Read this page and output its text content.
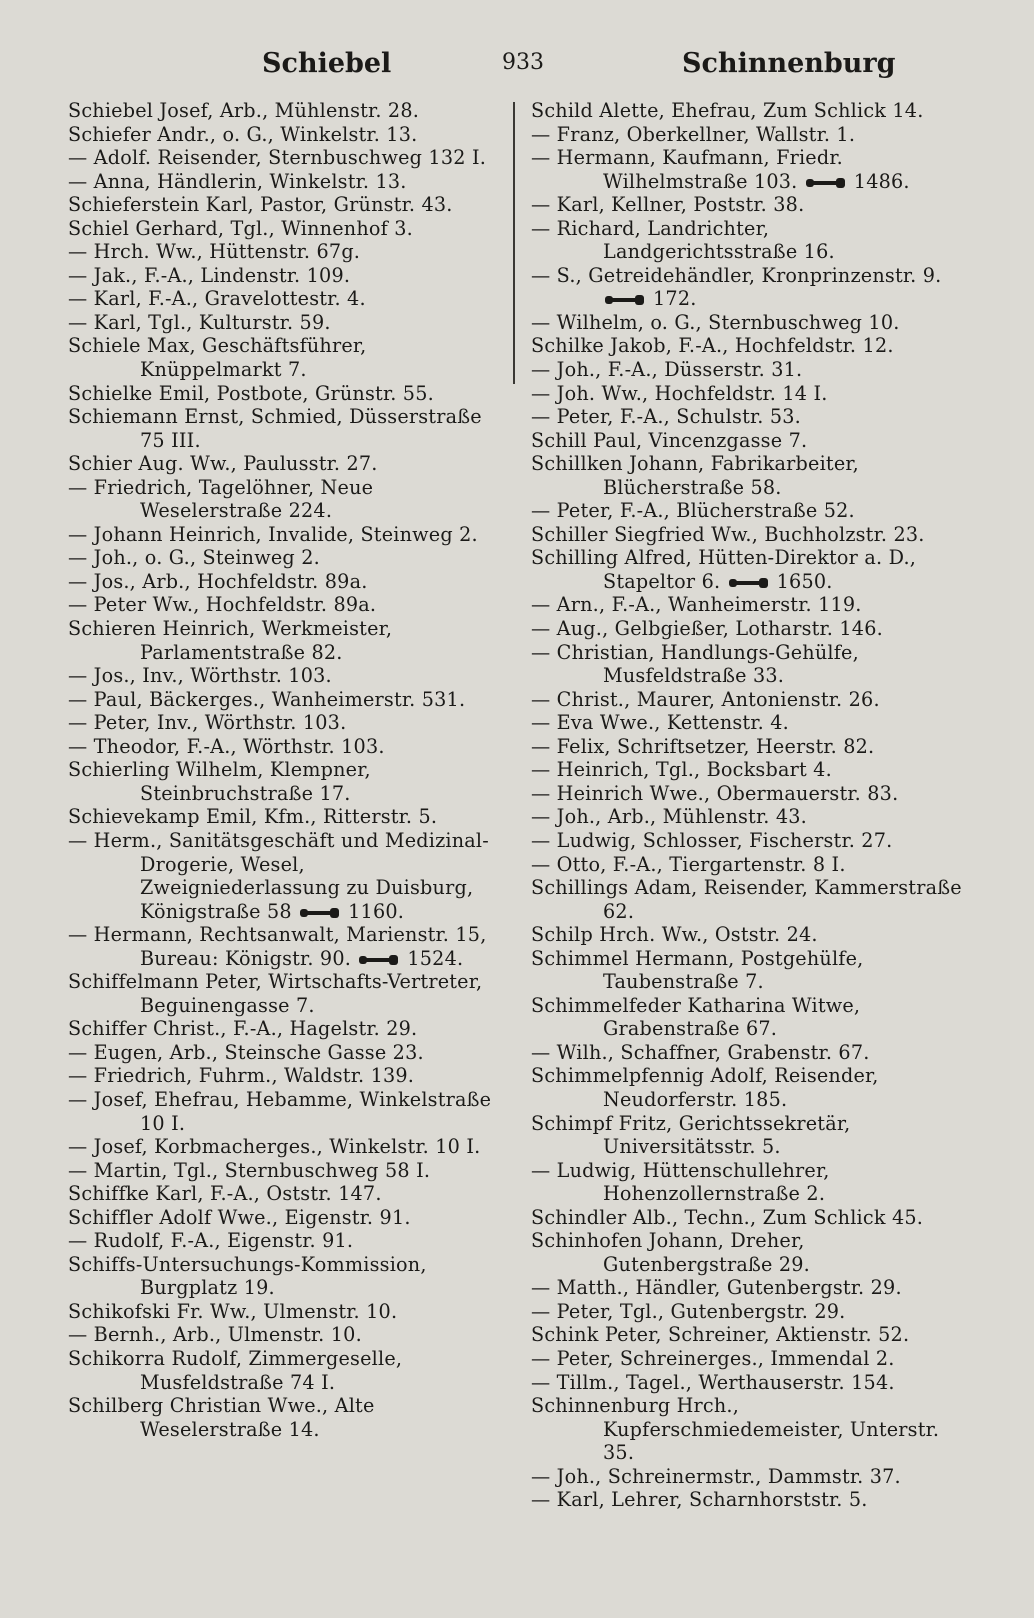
Schiebel	933	Schinnenburg
Schiebel Josef, Arb., Mühlenstr. 28.
Schiefer Andr., o. G., Winkelstr. 13.
— Adolf. Reisender, Sternbuschweg 132 I.
— Anna, Händlerin, Winkelstr. 13.
Schieferstein Karl, Pastor, Grünstr. 43.
Schiel Gerhard, Tgl., Winnenhof 3.
— Hrch. Ww., Hüttenstr. 67g.
— Jak., F.-A., Lindenstr. 109.
— Karl, F.-A., Gravelottestr. 4.
— Karl, Tgl., Kulturstr. 59.
Schiele Max, Geschäftsführer, Knüppelmarkt 7.
Schielke Emil, Postbote, Grünstr. 55.
Schiemann Ernst, Schmied, Düsserstraße 75 III.
Schier Aug. Ww., Paulusstr. 27.
— Friedrich, Tagelöhner, Neue Weselerstraße 224.
— Johann Heinrich, Invalide, Steinweg 2.
— Joh., o. G., Steinweg 2.
— Jos., Arb., Hochfeldstr. 89a.
— Peter Ww., Hochfeldstr. 89a.
Schieren Heinrich, Werkmeister, Parlamentstraße 82.
— Jos., Inv., Wörthstr. 103.
— Paul, Bäckerges., Wanheimerstr. 531.
— Peter, Inv., Wörthstr. 103.
— Theodor, F.-A., Wörthstr. 103.
Schierling Wilhelm, Klempner, Steinbruchstraße 17.
Schievekamp Emil, Kfm., Ritterstr. 5.
— Herm., Sanitätsgeschäft und Medizinal-Drogerie, Wesel, Zweigniederlassung zu Duisburg, Königstraße 58	1160.
— Hermann, Rechtsanwalt, Marienstr. 15, Bureau: Königstr. 90.	1524.
Schiffelmann Peter, Wirtschafts-Vertreter, Beguinengasse 7.
Schiffer Christ., F.-A., Hagelstr. 29.
— Eugen, Arb., Steinsche Gasse 23.
— Friedrich, Fuhrm., Waldstr. 139.
— Josef, Ehefrau, Hebamme, Winkelstraße 10 I.
— Josef, Korbmacherges., Winkelstr. 10 I.
— Martin, Tgl., Sternbuschweg 58 I.
Schiffke Karl, F.-A., Oststr. 147.
Schiffler Adolf Wwe., Eigenstr. 91.
— Rudolf, F.-A., Eigenstr. 91.
Schiffs-Untersuchungs-Kommission, Burgplatz 19.
Schikofski Fr. Ww., Ulmenstr. 10.
— Bernh., Arb., Ulmenstr. 10.
Schikorra Rudolf, Zimmergeselle, Musfeldstraße 74 I.
Schilberg Christian Wwe., Alte Weselerstraße 14.
Schild Alette, Ehefrau, Zum Schlick 14.
— Franz, Oberkellner, Wallstr. 1.
— Hermann, Kaufmann, Friedr. Wilhelmstraße 103.	1486.
— Karl, Kellner, Poststr. 38.
— Richard, Landrichter, Landgerichtsstraße 16.
— S., Getreidehändler, Kronprinzenstr. 9. 172.
— Wilhelm, o. G., Sternbuschweg 10.
Schilke Jakob, F.-A., Hochfeldstr. 12.
— Joh., F.-A., Düsserstr. 31.
— Joh. Ww., Hochfeldstr. 14 I.
— Peter, F.-A., Schulstr. 53.
Schill Paul, Vincenzgasse 7.
Schillken Johann, Fabrikarbeiter, Blücherstraße 58.
— Peter, F.-A., Blücherstraße 52.
Schiller Siegfried Ww., Buchholzstr. 23.
Schilling Alfred, Hütten-Direktor a. D., Stapeltor 6.	1650.
— Arn., F.-A., Wanheimerstr. 119.
— Aug., Gelbgießer, Lotharstr. 146.
— Christian, Handlungs-Gehülfe, Musfeldstraße 33.
— Christ., Maurer, Antonienstr. 26.
— Eva Wwe., Kettenstr. 4.
— Felix, Schriftsetzer, Heerstr. 82.
— Heinrich, Tgl., Bocksbart 4.
— Heinrich Wwe., Obermauerstr. 83.
— Joh., Arb., Mühlenstr. 43.
— Ludwig, Schlosser, Fischerstr. 27.
— Otto, F.-A., Tiergartenstr. 8 I.
Schillings Adam, Reisender, Kammerstraße 62.
Schilp Hrch. Ww., Oststr. 24.
Schimmel Hermann, Postgehülfe, Taubenstraße 7.
Schimmelfeder Katharina Witwe, Grabenstraße 67.
— Wilh., Schaffner, Grabenstr. 67.
Schimmelpfennig Adolf, Reisender, Neudorferstr. 185.
Schimpf Fritz, Gerichtssekretär, Universitätsstr. 5.
— Ludwig, Hüttenschullehrer, Hohenzollernstraße 2.
Schindler Alb., Techn., Zum Schlick 45.
Schinhofen Johann, Dreher, Gutenbergstraße 29.
— Matth., Händler, Gutenbergstr. 29.
— Peter, Tgl., Gutenbergstr. 29.
Schink Peter, Schreiner, Aktienstr. 52.
— Peter, Schreinerges., Immendal 2.
— Tillm., Tagel., Werthauserstr. 154.
Schinnenburg Hrch., Kupferschmiedemeister, Unterstr. 35.
— Joh., Schreinermstr., Dammstr. 37.
— Karl, Lehrer, Scharnhorststr. 5.
